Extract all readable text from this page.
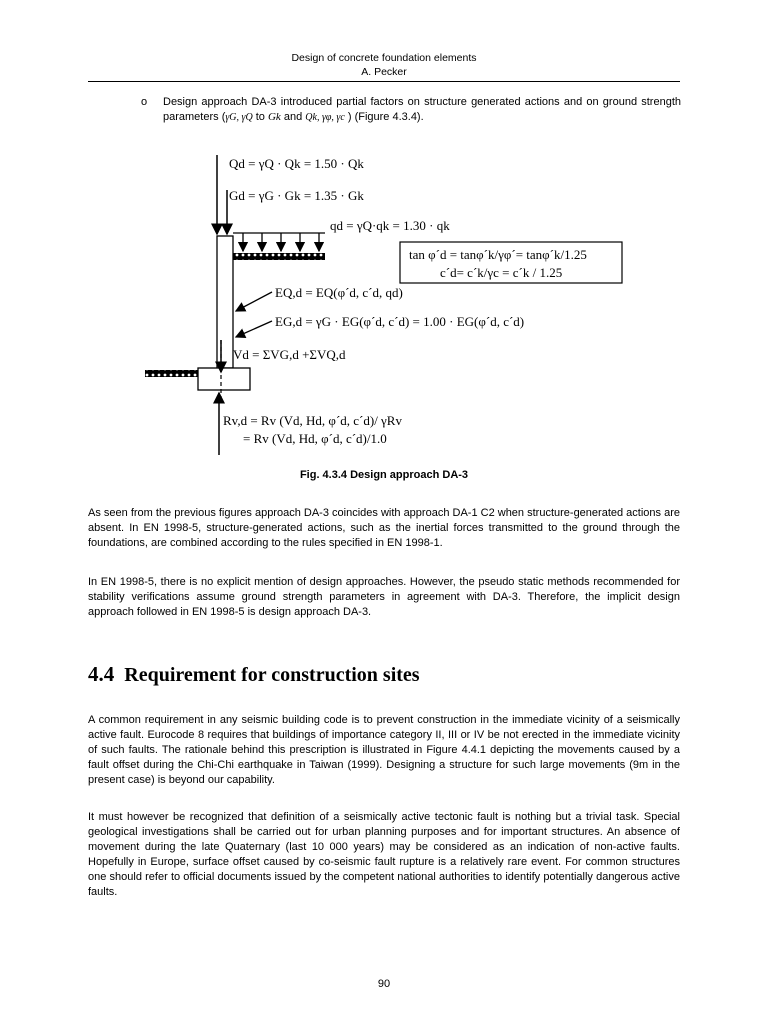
Design of concrete foundation elements
A. Pecker
o Design approach DA-3 introduced partial factors on structure generated actions and on ground strength parameters (γG, γQ to Gk and Qk, γφ, γc ) (Figure 4.3.4).
Qd = γQ · Qk = 1.50 · Qk
Gd = γG · Gk = 1.35 · Gk
qd = γQ·qk = 1.30 · qk
tan φ´d = tanφ´k/γφ´= tanφ´k/1.25
c´d= c´k/γc = c´k / 1.25
EQ,d = EQ(φ´d, c´d, qd)
EG,d = γG · EG(φ´d, c´d) = 1.00 · EG(φ´d, c´d)
Vd = ΣVG,d +ΣVQ,d
Rv,d = Rv (Vd, Hd, φ´d, c´d)/ γRv
= Rv (Vd, Hd, φ´d, c´d)/1.0
Fig. 4.3.4 Design approach DA-3
As seen from the previous figures approach DA-3 coincides with approach DA-1 C2 when structure-generated actions are absent. In EN 1998-5, structure-generated actions, such as the inertial forces transmitted to the ground through the foundations, are combined according to the rules specified in EN 1998-1.
In EN 1998-5, there is no explicit mention of design approaches. However, the pseudo static methods recommended for stability verifications assume ground strength parameters in agreement with DA-3. Therefore, the implicit design approach followed in EN 1998-5 is design approach DA-3.
4.4 Requirement for construction sites
A common requirement in any seismic building code is to prevent construction in the immediate vicinity of a seismically active fault. Eurocode 8 requires that buildings of importance category II, III or IV be not erected in the immediate vicinity of such faults. The rationale behind this prescription is illustrated in Figure 4.4.1 depicting the movements caused by a fault offset during the Chi-Chi earthquake in Taiwan (1999). Designing a structure for such large movements (9m in the present case) is beyond our capability.
It must however be recognized that definition of a seismically active tectonic fault is nothing but a trivial task. Special geological investigations shall be carried out for urban planning purposes and for important structures. An absence of movement during the late Quaternary (last 10 000 years) may be considered as an indication of non-active faults. Hopefully in Europe, surface offset caused by co-seismic fault rupture is a relatively rare event. For common structures one should refer to official documents issued by the competent national authorities to identify potentially dangerous active faults.
90
